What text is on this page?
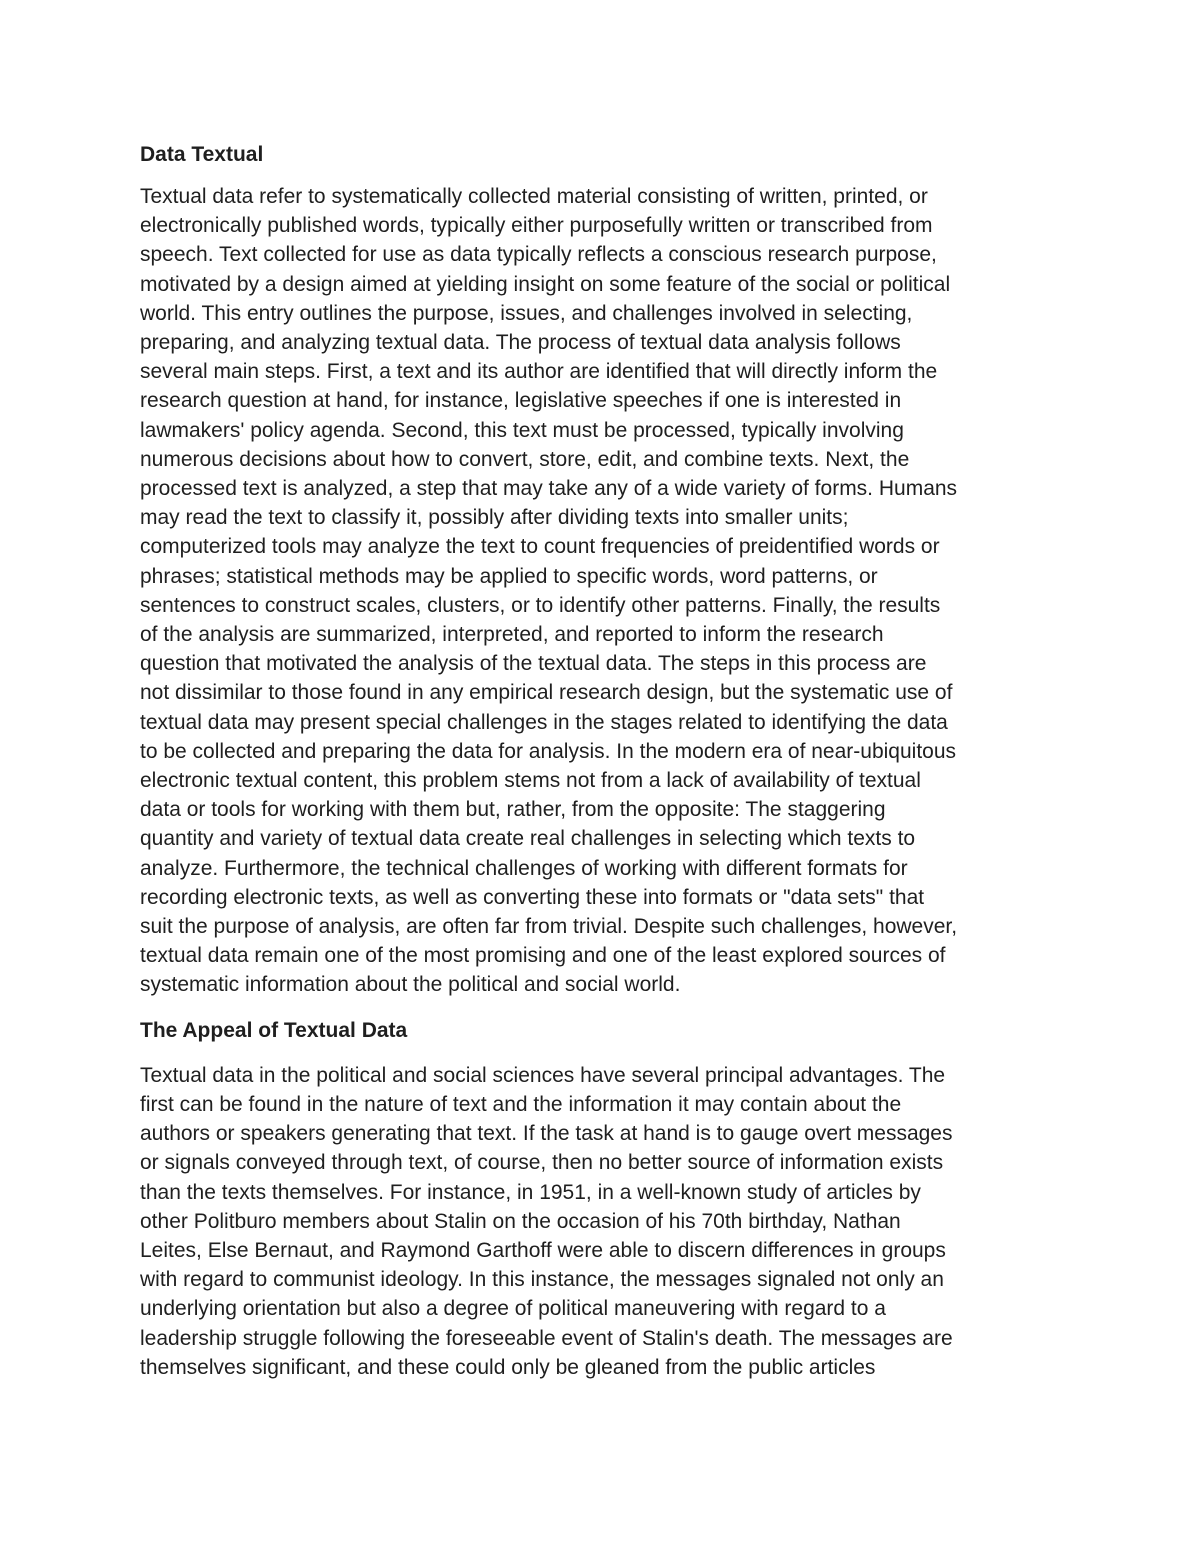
Data Textual

Textual data refer to systematically collected material consisting of written, printed, or
electronically published words, typically either purposefully written or transcribed from
speech. Text collected for use as data typically reflects a conscious research purpose,
motivated by a design aimed at yielding insight on some feature of the social or political
world. This entry outlines the purpose, issues, and challenges involved in selecting,
preparing, and analyzing textual data. The process of textual data analysis follows
several main steps. First, a text and its author are identified that will directly inform the
research question at hand, for instance, legislative speeches if one is interested in
lawmakers' policy agenda. Second, this text must be processed, typically involving
numerous decisions about how to convert, store, edit, and combine texts. Next, the
processed text is analyzed, a step that may take any of a wide variety of forms. Humans
may read the text to classify it, possibly after dividing texts into smaller units;
computerized tools may analyze the text to count frequencies of preidentified words or
phrases; statistical methods may be applied to specific words, word patterns, or
sentences to construct scales, clusters, or to identify other patterns. Finally, the results
of the analysis are summarized, interpreted, and reported to inform the research
question that motivated the analysis of the textual data. The steps in this process are
not dissimilar to those found in any empirical research design, but the systematic use of
textual data may present special challenges in the stages related to identifying the data
to be collected and preparing the data for analysis. In the modern era of near-ubiquitous
electronic textual content, this problem stems not from a lack of availability of textual
data or tools for working with them but, rather, from the opposite: The staggering
quantity and variety of textual data create real challenges in selecting which texts to
analyze. Furthermore, the technical challenges of working with different formats for
recording electronic texts, as well as converting these into formats or "data sets" that
suit the purpose of analysis, are often far from trivial. Despite such challenges, however,
textual data remain one of the most promising and one of the least explored sources of
systematic information about the political and social world.

The Appeal of Textual Data

Textual data in the political and social sciences have several principal advantages. The
first can be found in the nature of text and the information it may contain about the
authors or speakers generating that text. If the task at hand is to gauge overt messages
or signals conveyed through text, of course, then no better source of information exists
than the texts themselves. For instance, in 1951, in a well-known study of articles by
other Politburo members about Stalin on the occasion of his 70th birthday, Nathan
Leites, Else Bernaut, and Raymond Garthoff were able to discern differences in groups
with regard to communist ideology. In this instance, the messages signaled not only an
underlying orientation but also a degree of political maneuvering with regard to a
leadership struggle following the foreseeable event of Stalin's death. The messages are
themselves significant, and these could only be gleaned from the public articles
